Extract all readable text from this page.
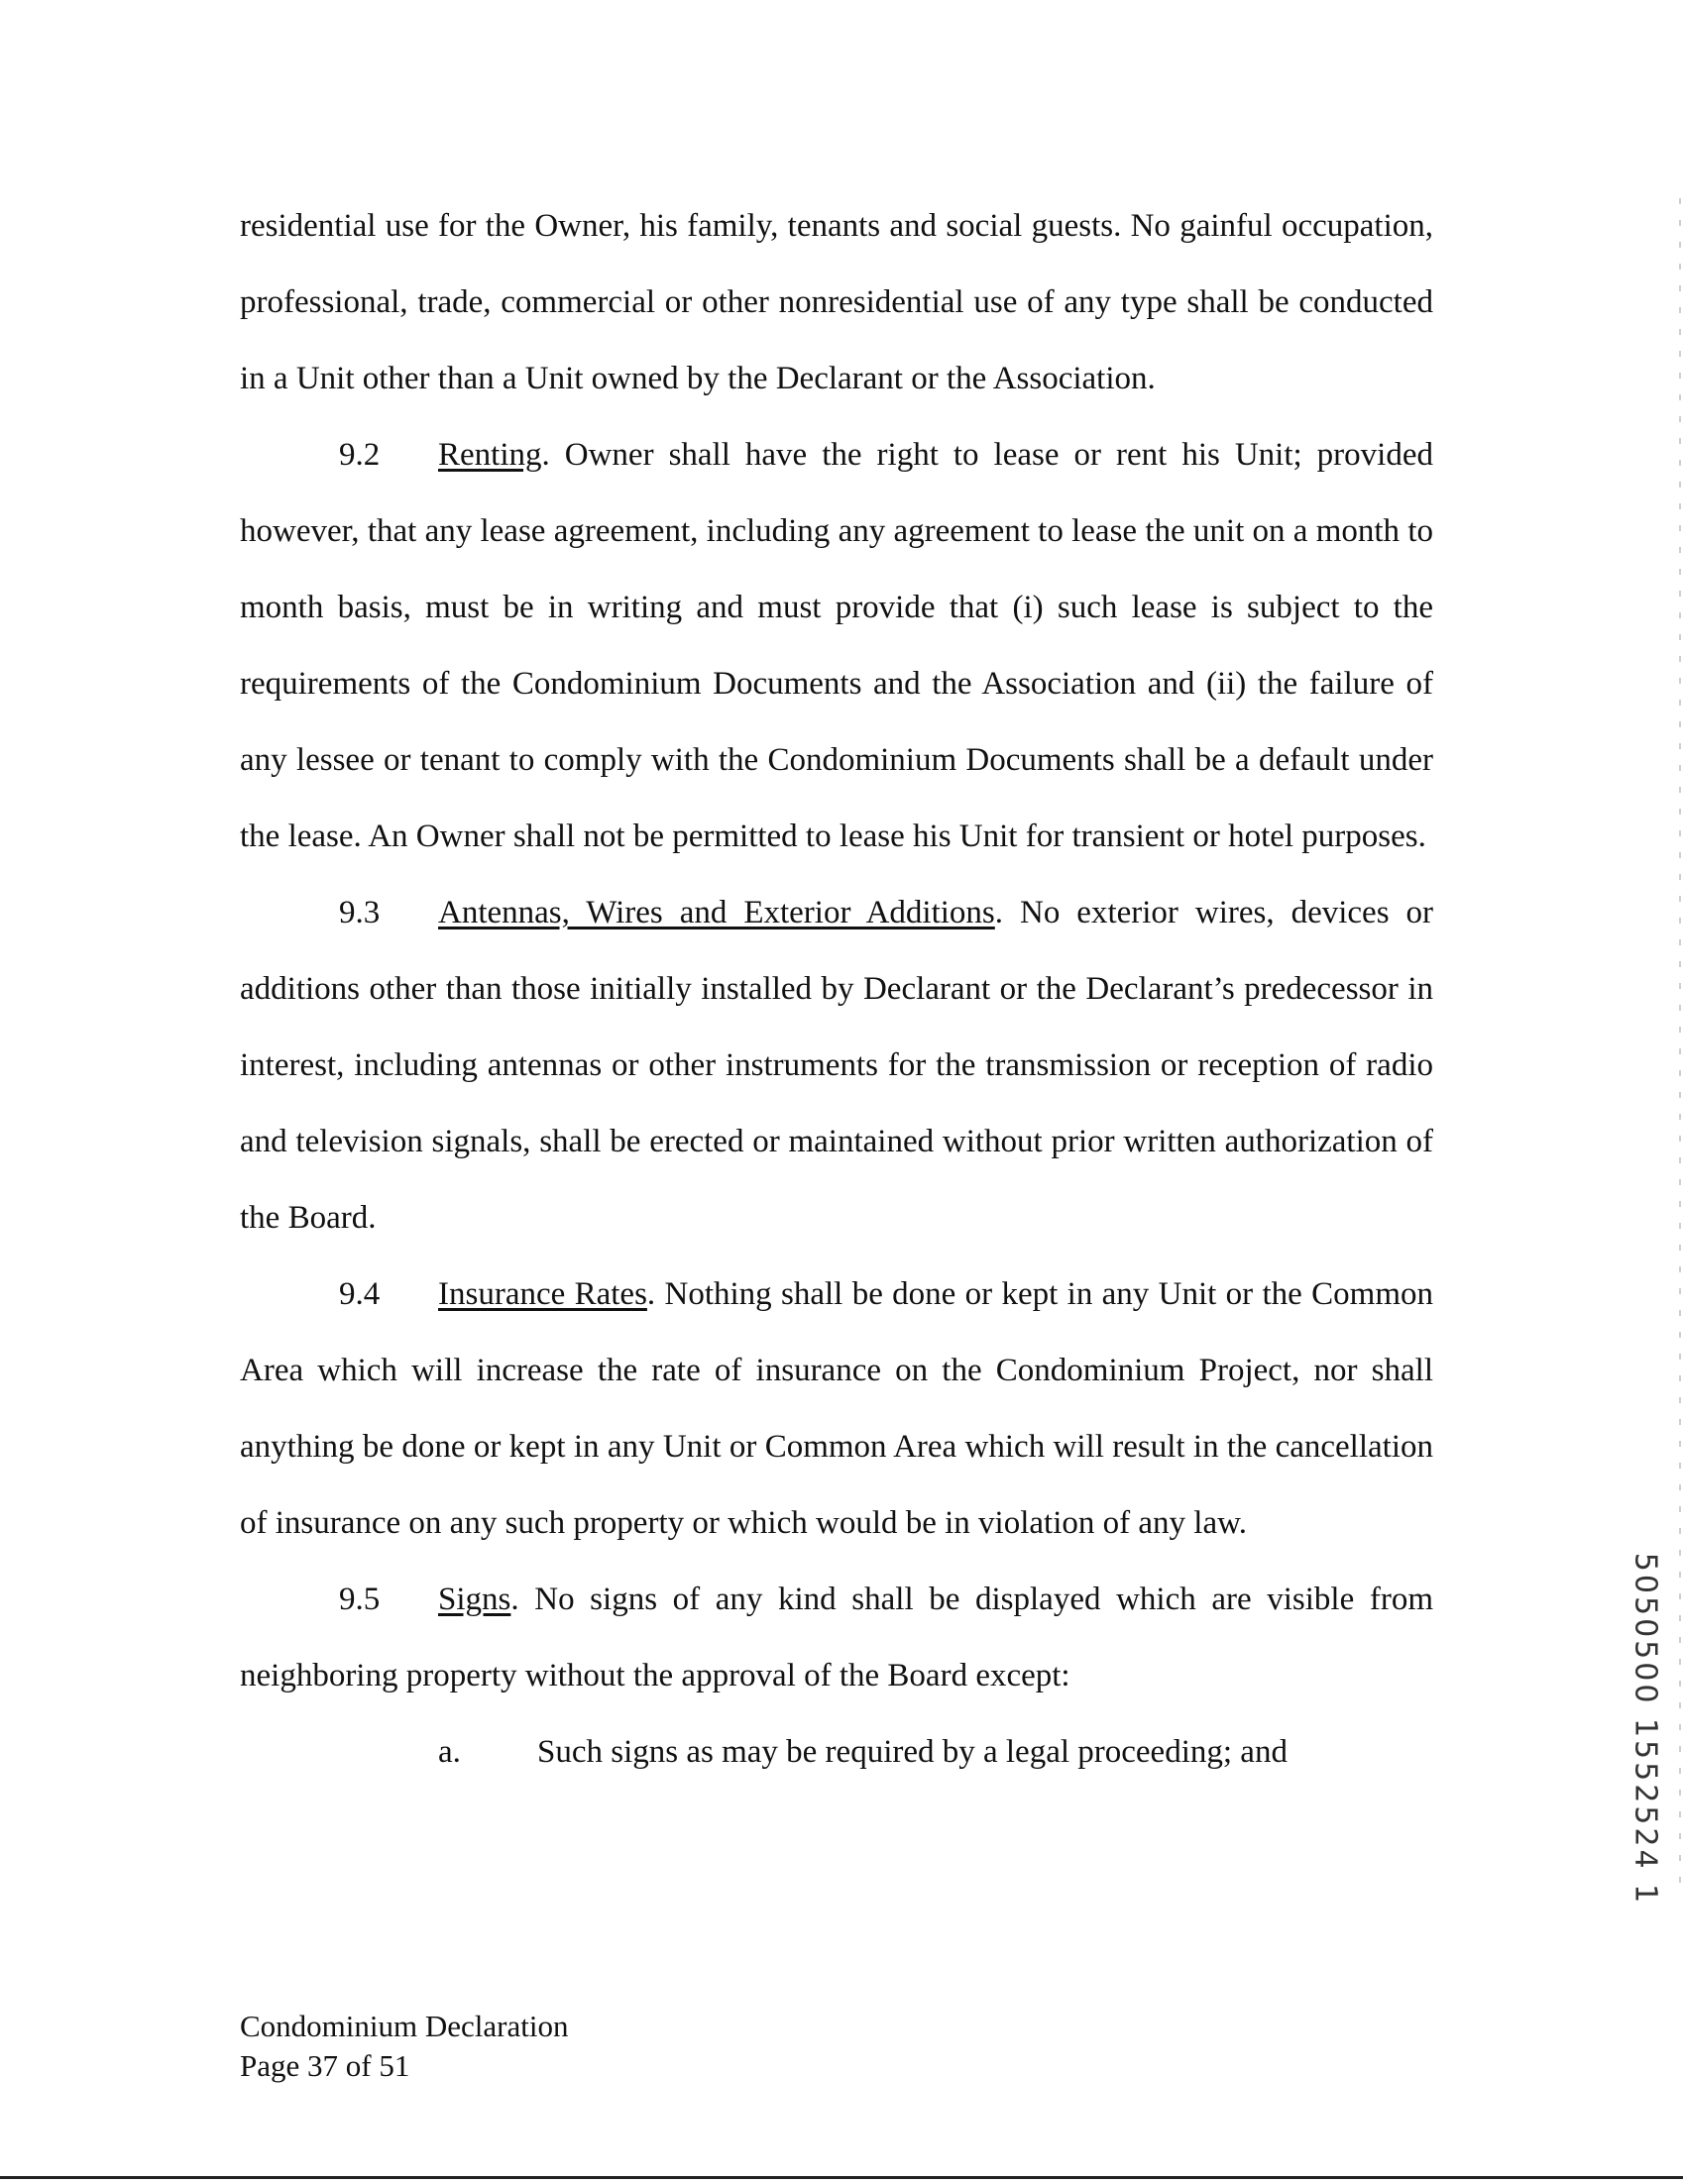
residential use for the Owner, his family, tenants and social guests. No gainful occupation, professional, trade, commercial or other nonresidential use of any type shall be conducted in a Unit other than a Unit owned by the Declarant or the Association.

9.2 Renting. Owner shall have the right to lease or rent his Unit; provided however, that any lease agreement, including any agreement to lease the unit on a month to month basis, must be in writing and must provide that (i) such lease is subject to the requirements of the Condominium Documents and the Association and (ii) the failure of any lessee or tenant to comply with the Condominium Documents shall be a default under the lease. An Owner shall not be permitted to lease his Unit for transient or hotel purposes.

9.3 Antennas, Wires and Exterior Additions. No exterior wires, devices or additions other than those initially installed by Declarant or the Declarant’s predecessor in interest, including antennas or other instruments for the transmission or reception of radio and television signals, shall be erected or maintained without prior written authorization of the Board.

9.4 Insurance Rates. Nothing shall be done or kept in any Unit or the Common Area which will increase the rate of insurance on the Condominium Project, nor shall anything be done or kept in any Unit or Common Area which will result in the cancellation of insurance on any such property or which would be in violation of any law.

9.5 Signs. No signs of any kind shall be displayed which are visible from neighboring property without the approval of the Board except:

a. Such signs as may be required by a legal proceeding; and

Condominium Declaration
Page 37 of 51
5050500 1552524 1
